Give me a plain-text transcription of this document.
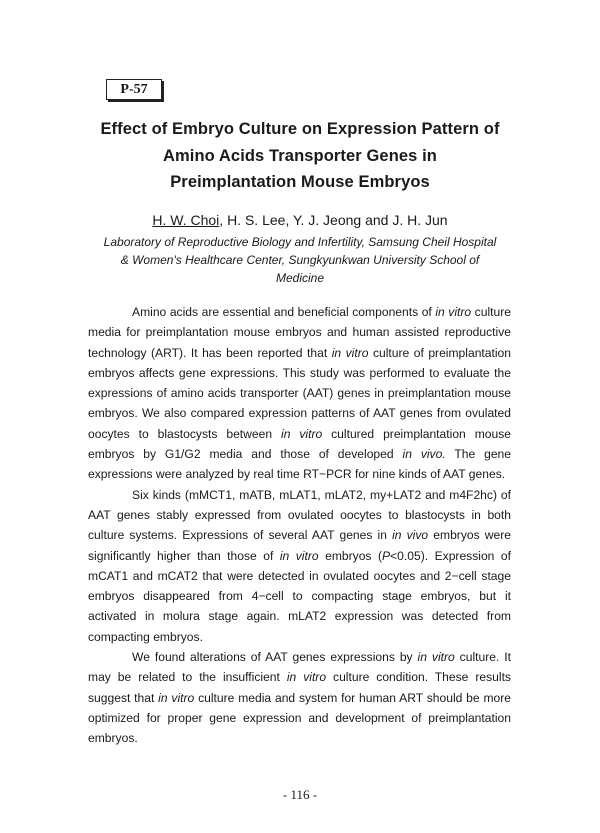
P-57
Effect of Embryo Culture on Expression Pattern of
Amino Acids Transporter Genes in
Preimplantation Mouse Embryos
H. W. Choi, H. S. Lee, Y. J. Jeong and J. H. Jun
Laboratory of Reproductive Biology and Infertility, Samsung Cheil Hospital
& Women's Healthcare Center, Sungkyunkwan University School of
Medicine

Amino acids are essential and beneficial components of in vitro culture media for preimplantation mouse embryos and human assisted reproductive technology (ART). It has been reported that in vitro culture of preimplantation embryos affects gene expressions. This study was performed to evaluate the expressions of amino acids transporter (AAT) genes in preimplantation mouse embryos. We also compared expression patterns of AAT genes from ovulated oocytes to blastocysts between in vitro cultured preimplantation mouse embryos by G1/G2 media and those of developed in vivo. The gene expressions were analyzed by real time RT−PCR for nine kinds of AAT genes.

Six kinds (mMCT1, mATB, mLAT1, mLAT2, my+LAT2 and m4F2hc) of AAT genes stably expressed from ovulated oocytes to blastocysts in both culture systems. Expressions of several AAT genes in in vivo embryos were significantly higher than those of in vitro embryos (P<0.05). Expression of mCAT1 and mCAT2 that were detected in ovulated oocytes and 2−cell stage embryos disappeared from 4−cell to compacting stage embryos, but it activated in molura stage again. mLAT2 expression was detected from compacting embryos.

We found alterations of AAT genes expressions by in vitro culture. It may be related to the insufficient in vitro culture condition. These results suggest that in vitro culture media and system for human ART should be more optimized for proper gene expression and development of preimplantation embryos.

- 116 -
